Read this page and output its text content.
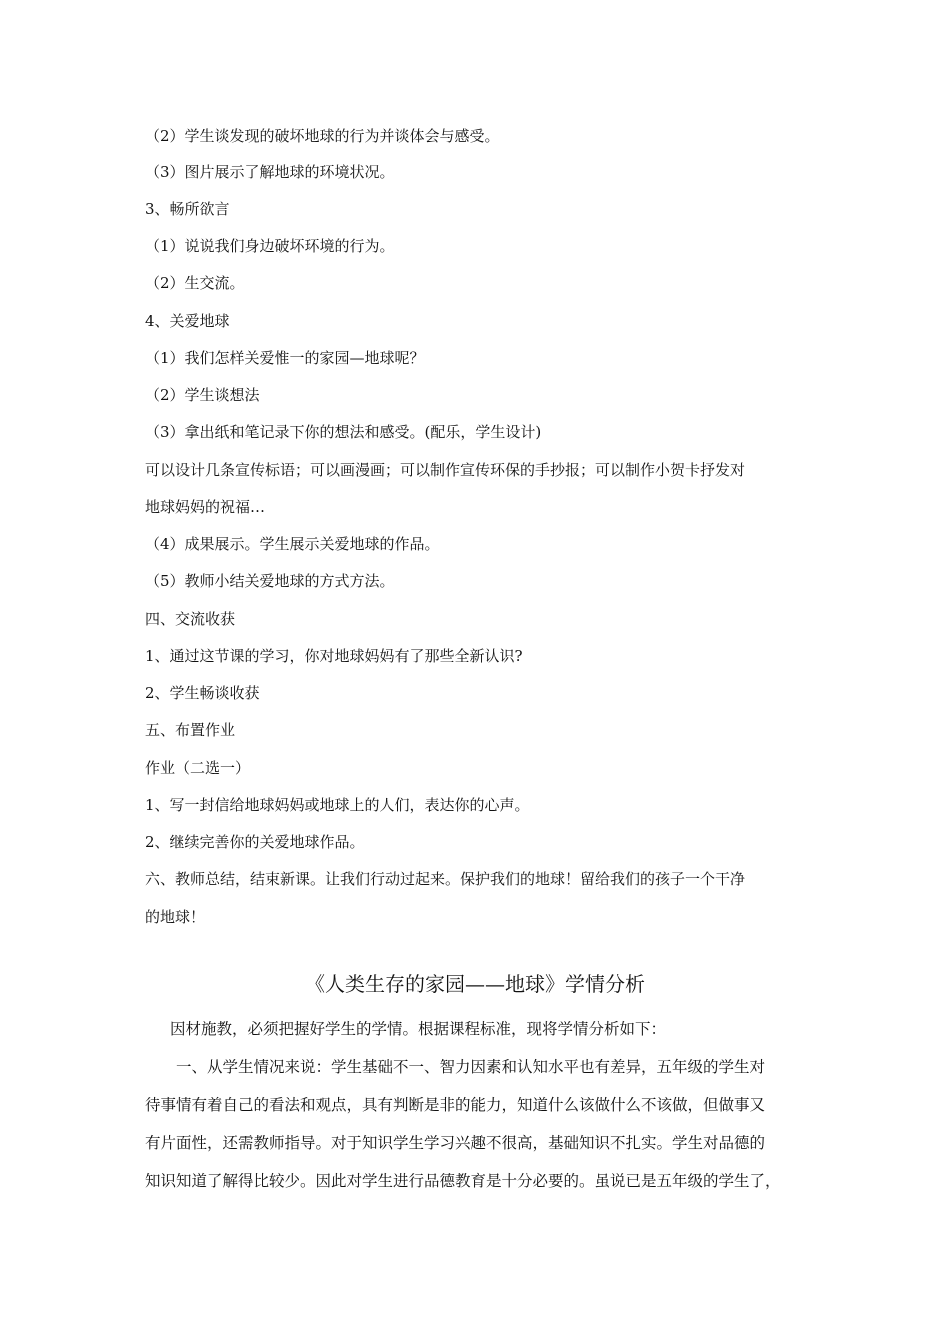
（2）学生谈发现的破坏地球的行为并谈体会与感受。
（3）图片展示了解地球的环境状况。
3、畅所欲言
（1）说说我们身边破坏环境的行为。
（2）生交流。
4、关爱地球
（1）我们怎样关爱惟一的家园—地球呢？
（2）学生谈想法
（3）拿出纸和笔记录下你的想法和感受。(配乐，学生设计)
可以设计几条宣传标语；可以画漫画；可以制作宣传环保的手抄报；可以制作小贺卡抒发对
地球妈妈的祝福…
（4）成果展示。学生展示关爱地球的作品。
（5）教师小结关爱地球的方式方法。
四、交流收获
1、通过这节课的学习，你对地球妈妈有了那些全新认识?
2、学生畅谈收获
五、布置作业
作业（二选一）
1、写一封信给地球妈妈或地球上的人们，表达你的心声。
2、继续完善你的关爱地球作品。
六、教师总结，结束新课。让我们行动过起来。保护我们的地球！留给我们的孩子一个干净
的地球！
《人类生存的家园——地球》学情分析
因材施教，必须把握好学生的学情。根据课程标准，现将学情分析如下：
一、从学生情况来说：学生基础不一、智力因素和认知水平也有差异，五年级的学生对
待事情有着自己的看法和观点，具有判断是非的能力，知道什么该做什么不该做，但做事又
有片面性，还需教师指导。对于知识学生学习兴趣不很高，基础知识不扎实。学生对品德的
知识知道了解得比较少。因此对学生进行品德教育是十分必要的。虽说已是五年级的学生了，
